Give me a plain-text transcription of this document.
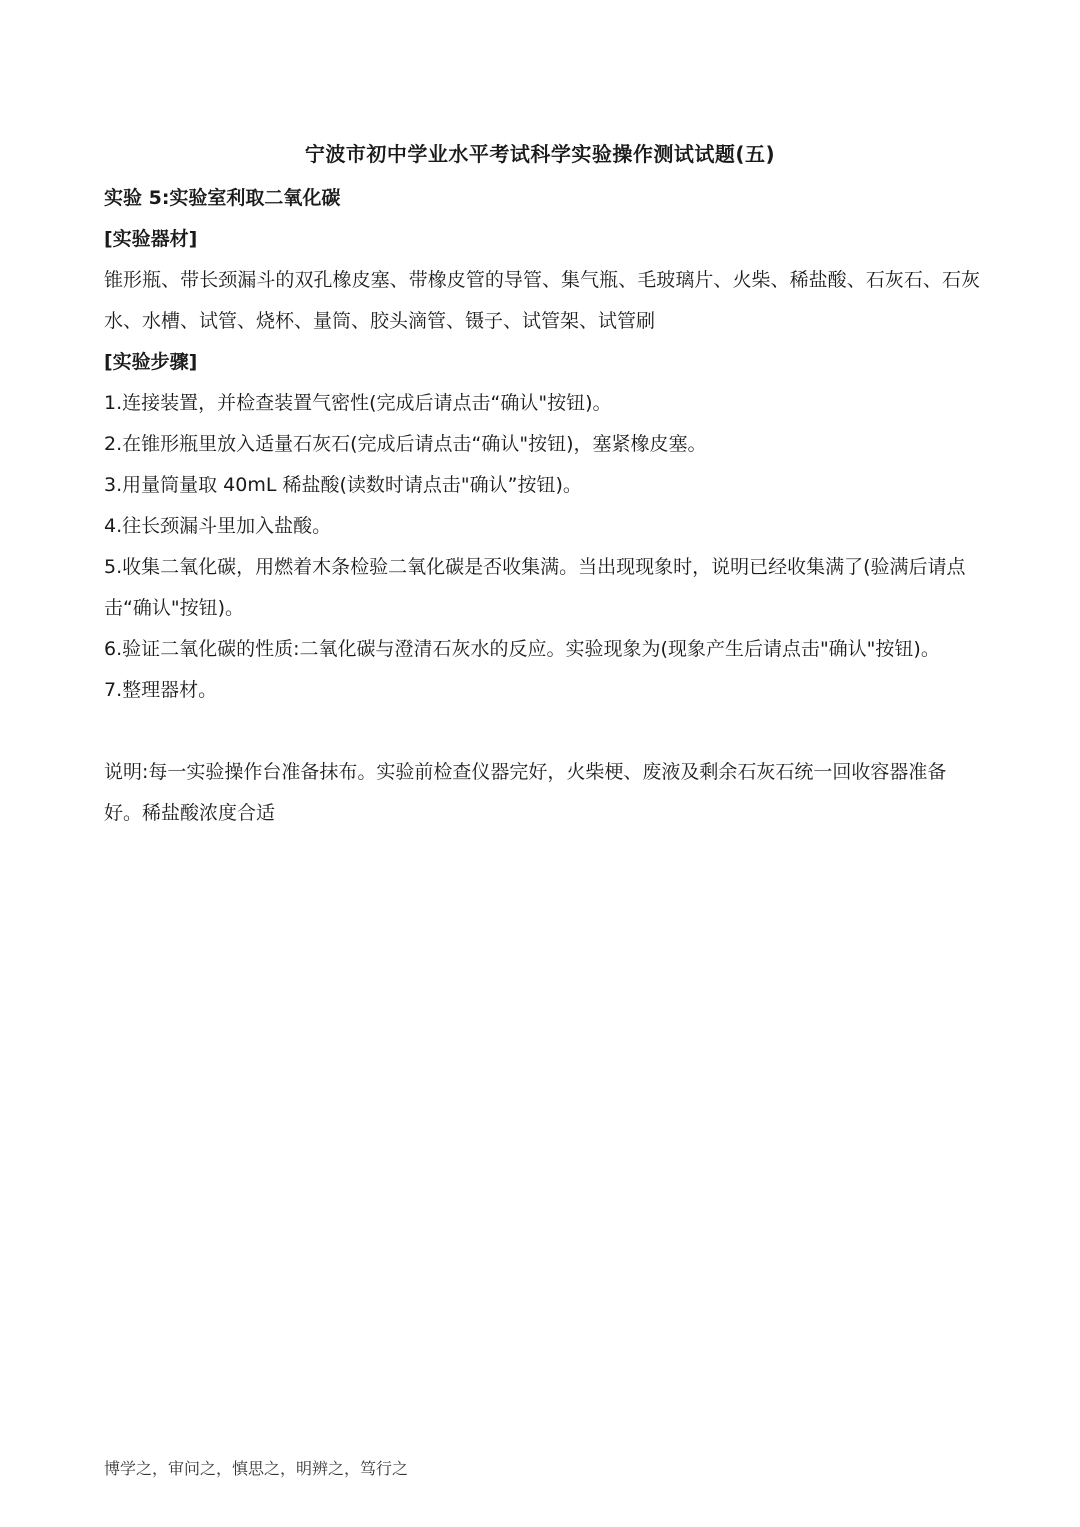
宁波市初中学业水平考试科学实验操作测试试题(五)
实验 5:实验室利取二氧化碳
[实验器材]
锥形瓶、带长颈漏斗的双孔橡皮塞、带橡皮管的导管、集气瓶、毛玻璃片、火柴、稀盐酸、石灰石、石灰水、水槽、试管、烧杯、量筒、胶头滴管、镊子、试管架、试管刷
[实验步骤]
1.连接装置，并检查装置气密性(完成后请点击“确认"按钮)。
2.在锥形瓶里放入适量石灰石(完成后请点击“确认"按钮)，塞紧橡皮塞。
3.用量筒量取 40mL 稀盐酸(读数时请点击"确认”按钮)。
4.往长颈漏斗里加入盐酸。
5.收集二氧化碳，用燃着木条检验二氧化碳是否收集满。当出现现象时，说明已经收集满了(验满后请点击“确认"按钮)。
6.验证二氧化碳的性质:二氧化碳与澄清石灰水的反应。实验现象为(现象产生后请点击"确认"按钮)。
7.整理器材。
说明:每一实验操作台准备抹布。实验前检查仪器完好，火柴梗、废液及剩余石灰石统一回收容器准备好。稀盐酸浓度合适
博学之，审问之，慎思之，明辨之，笃行之
